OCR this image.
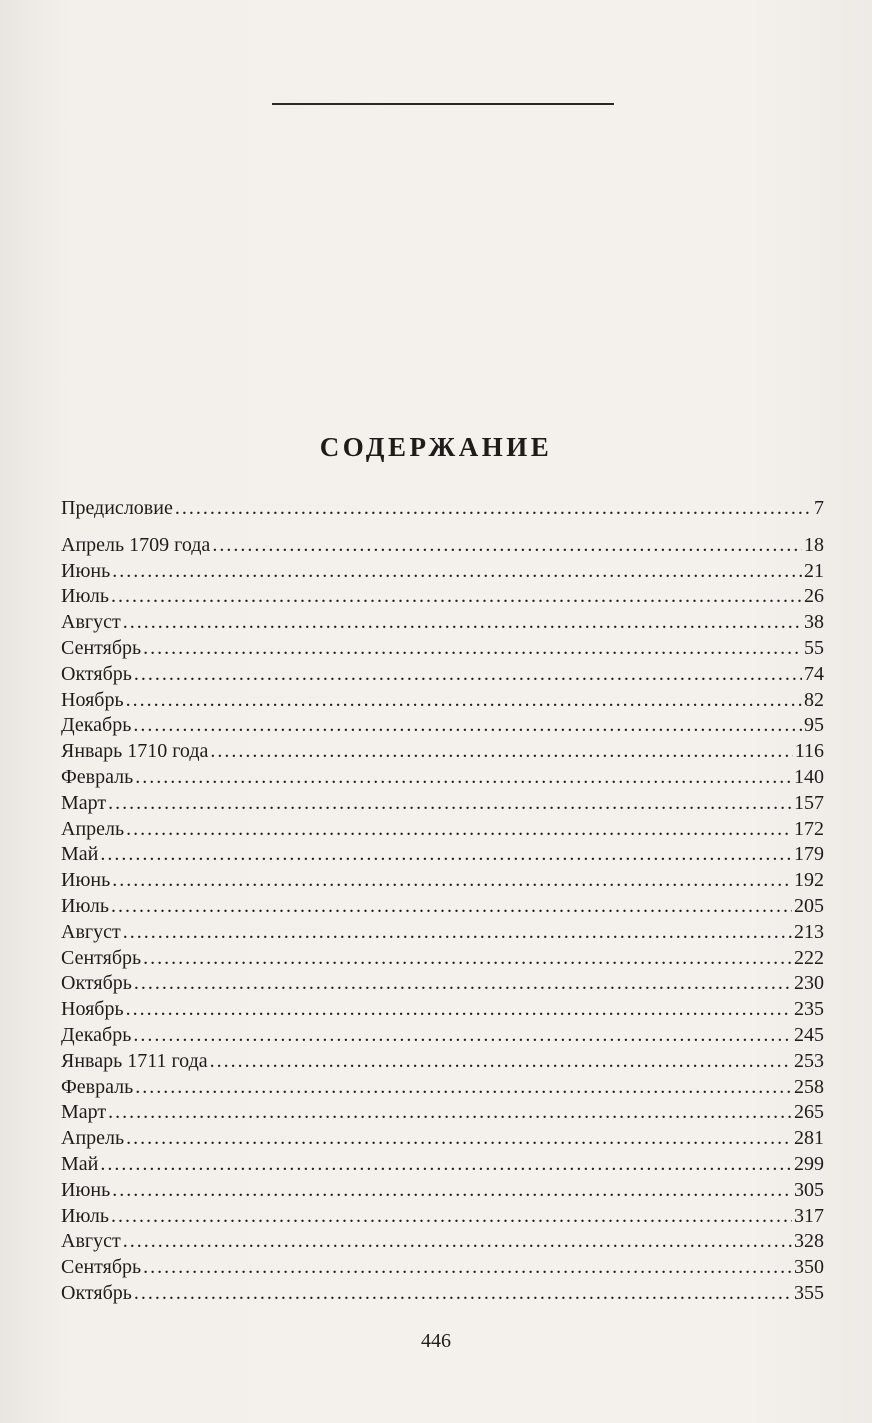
СОДЕРЖАНИЕ
Предисловие .....	7
Апрель 1709 года .....	18
Июнь .....	21
Июль .....	26
Август .....	38
Сентябрь .....	55
Октябрь .....	74
Ноябрь .....	82
Декабрь .....	95
Январь 1710 года .....	116
Февраль .....	140
Март .....	157
Апрель .....	172
Май .....	179
Июнь .....	192
Июль .....	205
Август .....	213
Сентябрь .....	222
Октябрь .....	230
Ноябрь .....	235
Декабрь .....	245
Январь 1711 года .....	253
Февраль .....	258
Март .....	265
Апрель .....	281
Май .....	299
Июнь .....	305
Июль .....	317
Август .....	328
Сентябрь .....	350
Октябрь .....	355
446
